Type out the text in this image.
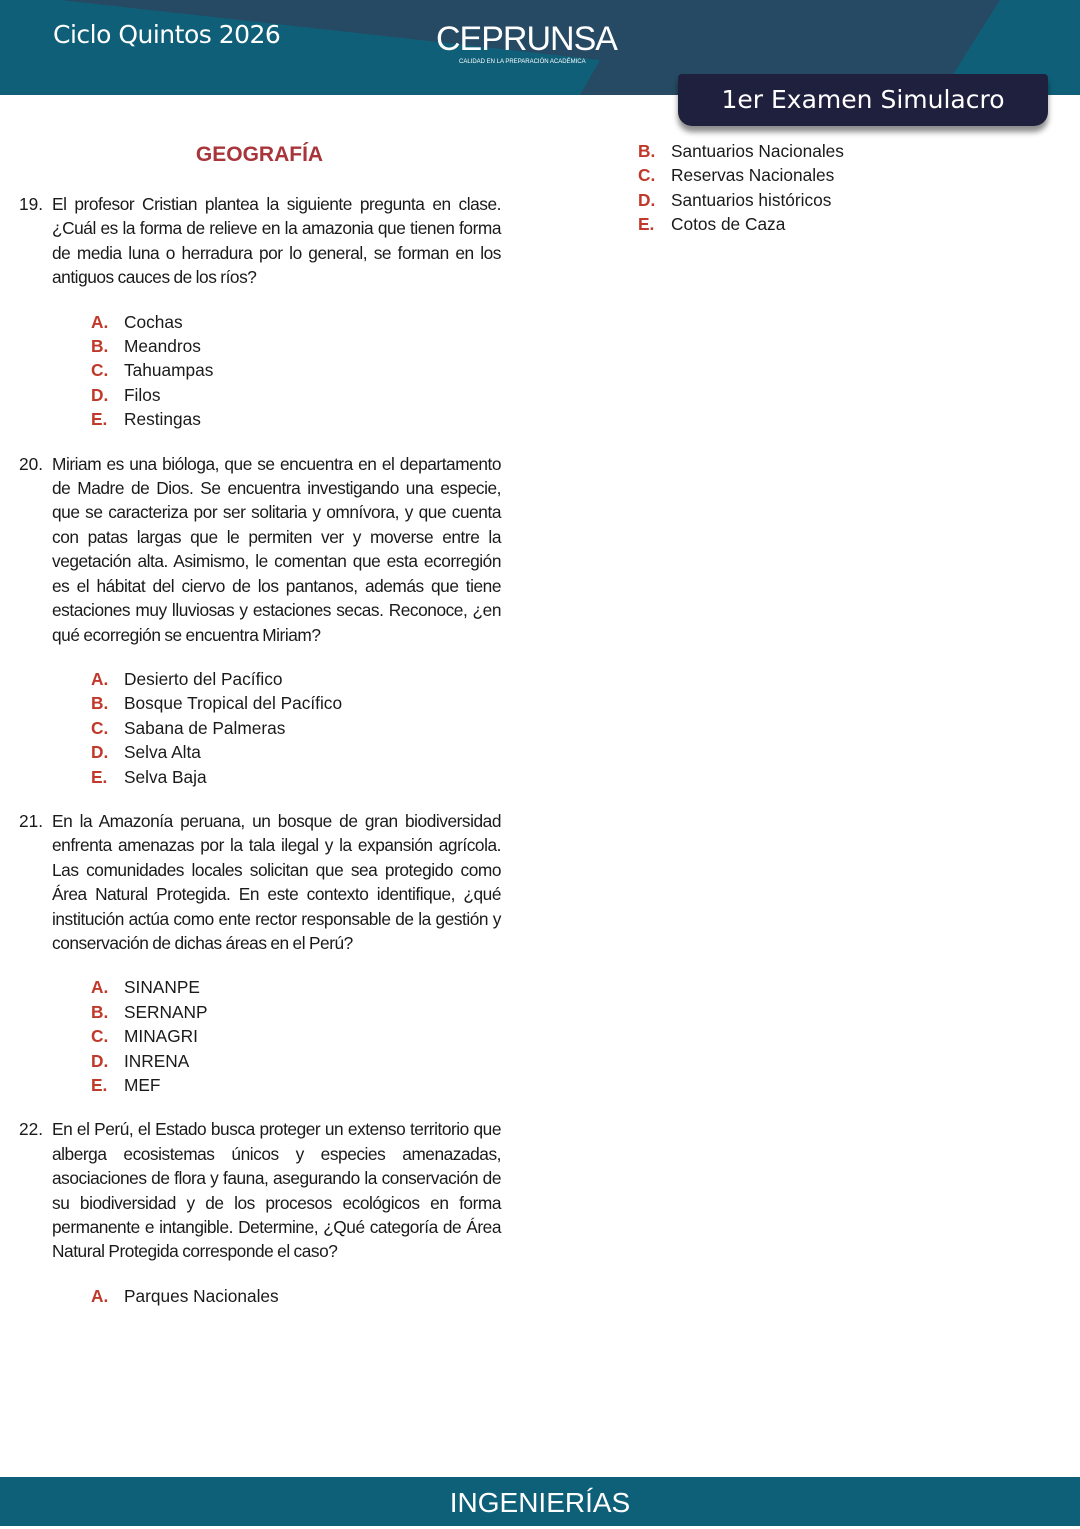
Ciclo Quintos 2026	CEPRUNSA
CALIDAD EN LA PREPARACIÓN ACADÉMICA
1er Examen Simulacro
GEOGRAFÍA
19. El profesor Cristian plantea la siguiente pregunta en clase. ¿Cuál es la forma de relieve en la amazonia que tienen forma de media luna o herradura por lo general, se forman en los antiguos cauces de los ríos?
A. Cochas
B. Meandros
C. Tahuampas
D. Filos
E. Restingas
20. Miriam es una bióloga, que se encuentra en el departamento de Madre de Dios. Se encuentra investigando una especie, que se caracteriza por ser solitaria y omnívora, y que cuenta con patas largas que le permiten ver y moverse entre la vegetación alta. Asimismo, le comentan que esta ecorregión es el hábitat del ciervo de los pantanos, además que tiene estaciones muy lluviosas y estaciones secas. Reconoce, ¿en qué ecorregión se encuentra Miriam?
A. Desierto del Pacífico
B. Bosque Tropical del Pacífico
C. Sabana de Palmeras
D. Selva Alta
E. Selva Baja
21. En la Amazonía peruana, un bosque de gran biodiversidad enfrenta amenazas por la tala ilegal y la expansión agrícola. Las comunidades locales solicitan que sea protegido como Área Natural Protegida. En este contexto identifique, ¿qué institución actúa como ente rector responsable de la gestión y conservación de dichas áreas en el Perú?
A. SINANPE
B. SERNANP
C. MINAGRI
D. INRENA
E. MEF
22. En el Perú, el Estado busca proteger un extenso territorio que alberga ecosistemas únicos y especies amenazadas, asociaciones de flora y fauna, asegurando la conservación de su biodiversidad y de los procesos ecológicos en forma permanente e intangible. Determine, ¿Qué categoría de Área Natural Protegida corresponde el caso?
A. Parques Nacionales
B. Santuarios Nacionales
C. Reservas Nacionales
D. Santuarios históricos
E. Cotos de Caza
INGENIERÍAS
